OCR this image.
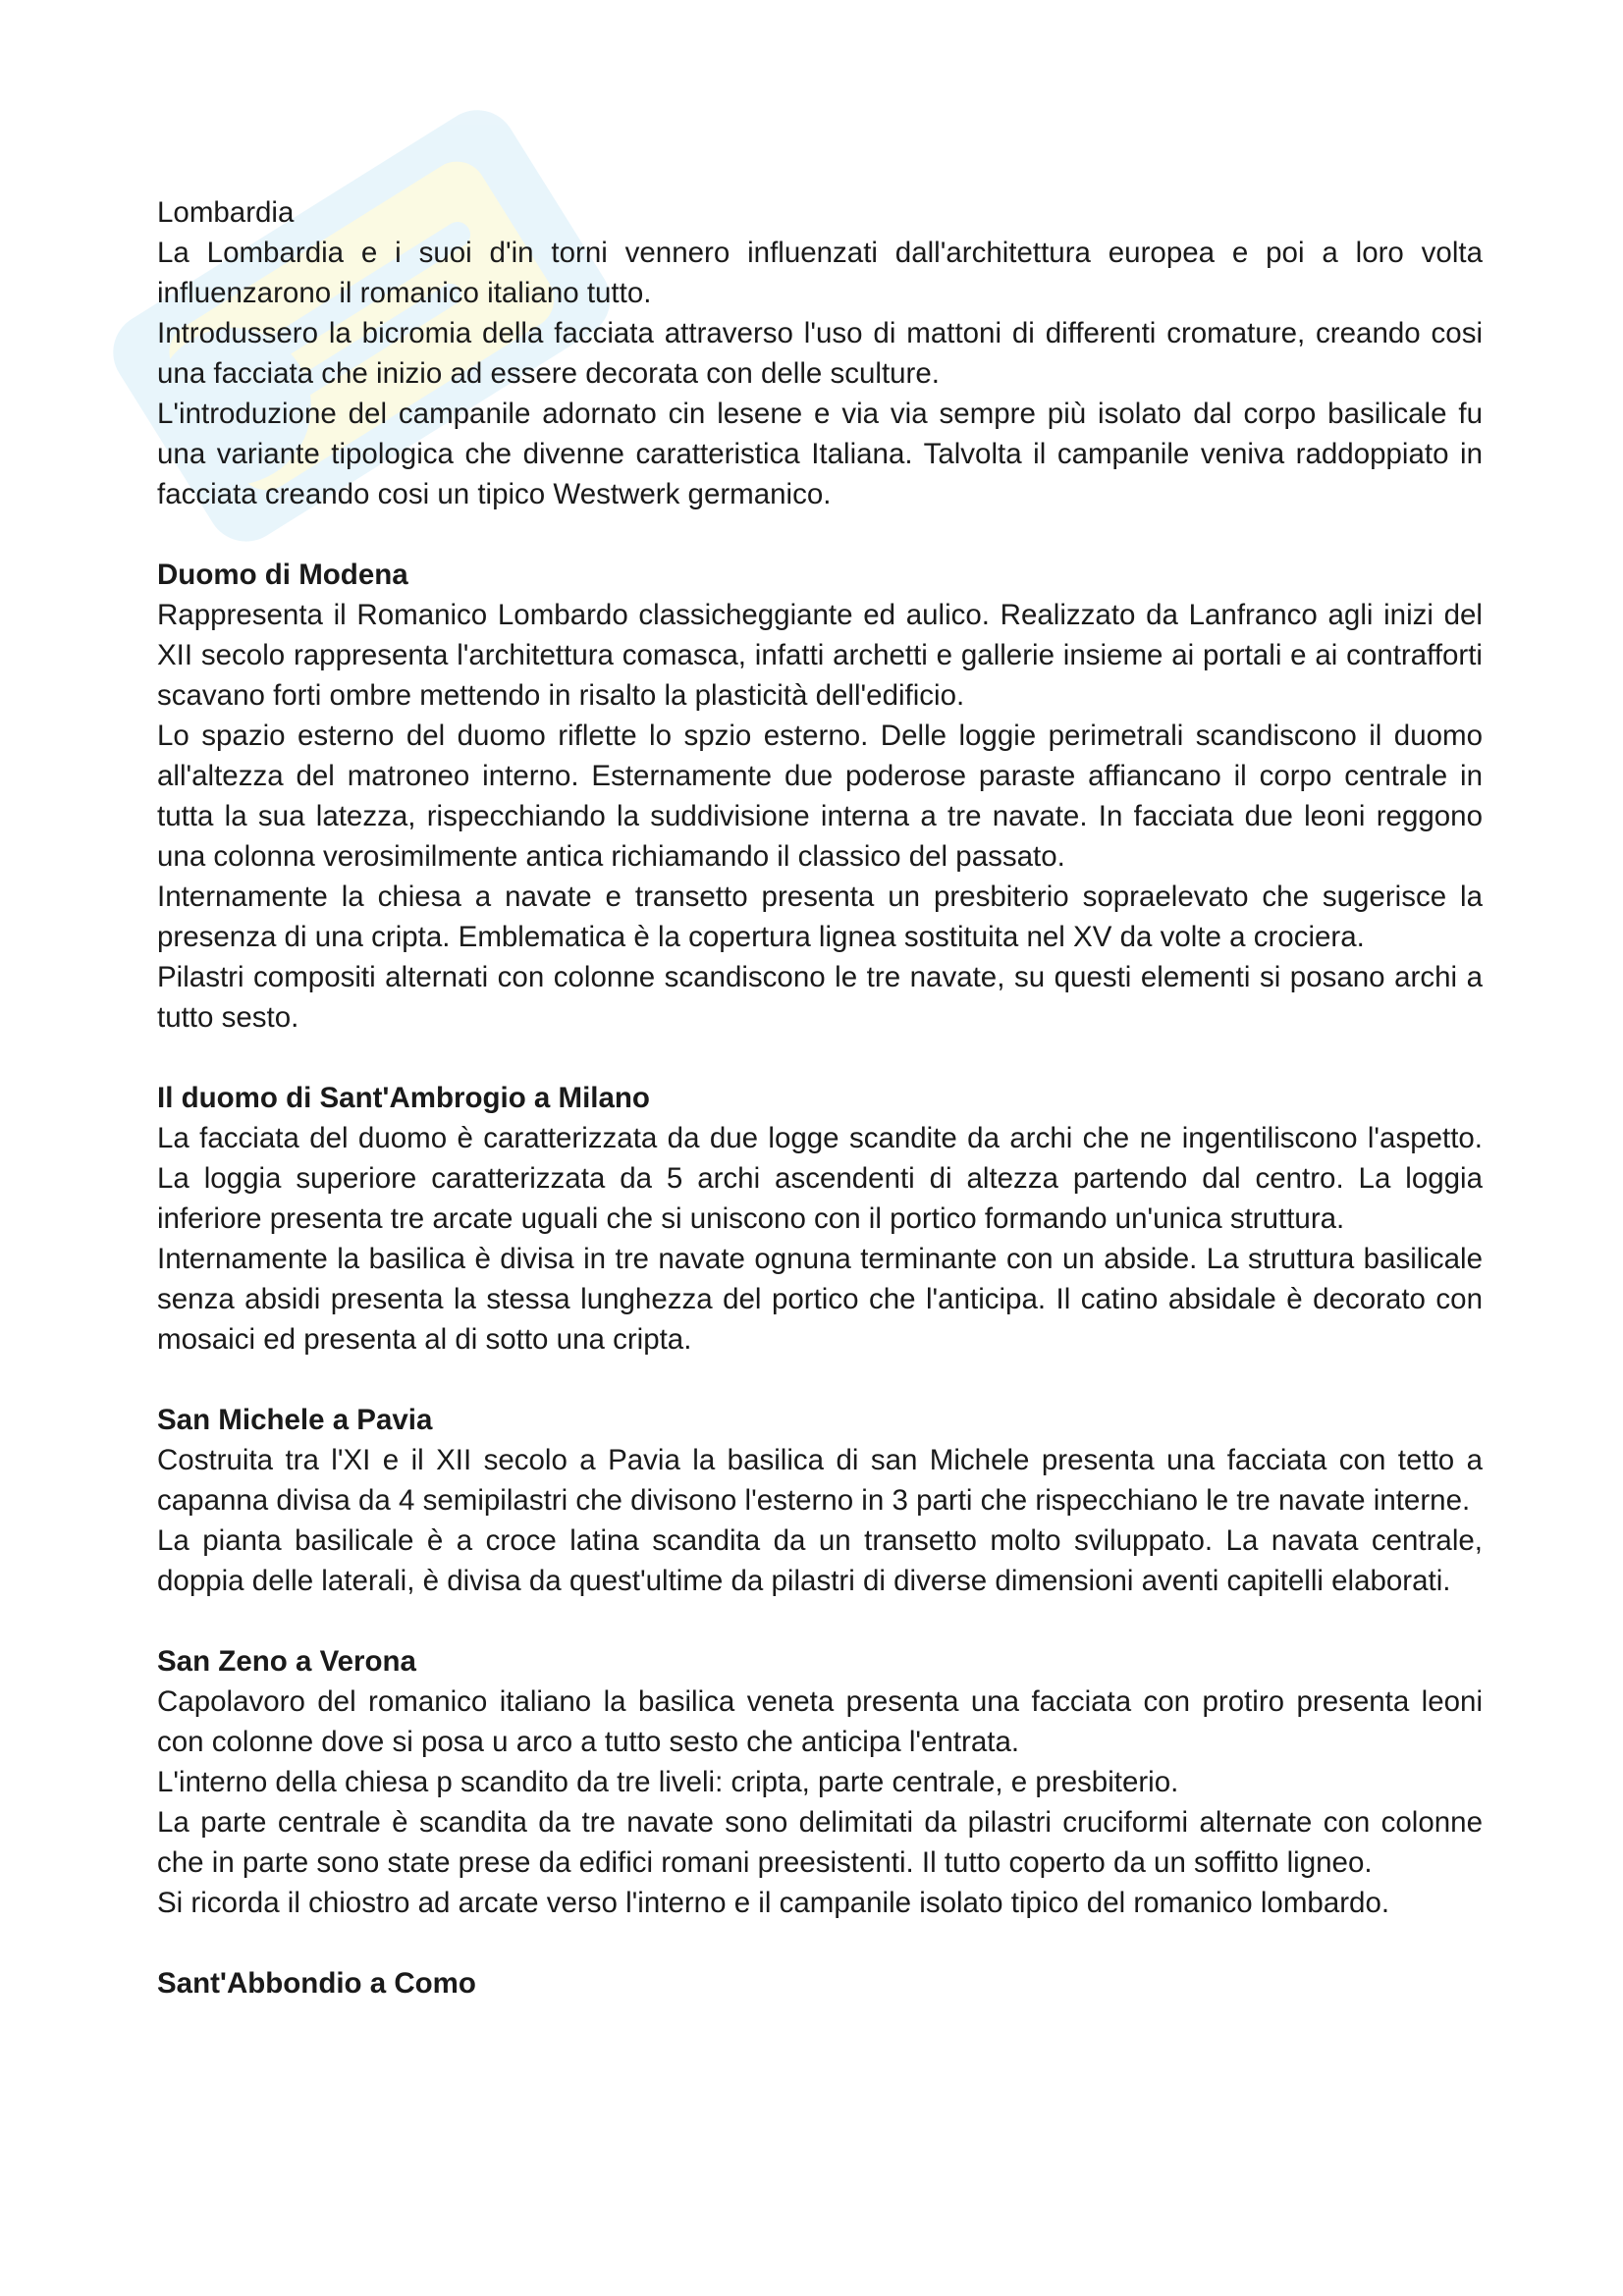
Lombardia

La Lombardia e i suoi d'in torni vennero influenzati dall'architettura europea e poi a loro volta influenzarono il romanico italiano tutto.

Introdussero la bicromia della facciata attraverso l'uso di mattoni di differenti cromature, creando cosi una facciata che inizio ad essere decorata con delle sculture.

L'introduzione del campanile adornato cin lesene e via via sempre più isolato dal corpo basilicale fu una variante tipologica che divenne caratteristica Italiana. Talvolta il campanile veniva raddoppiato in facciata creando cosi un tipico Westwerk germanico.

Duomo di Modena

Rappresenta il Romanico Lombardo classicheggiante ed aulico. Realizzato da Lanfranco agli inizi del XII secolo rappresenta l'architettura comasca, infatti archetti e gallerie insieme ai portali e ai contrafforti scavano forti ombre mettendo in risalto la plasticità dell'edificio.

Lo spazio esterno del duomo riflette lo spzio esterno. Delle loggie perimetrali scandiscono il duomo all'altezza del matroneo interno. Esternamente due poderose paraste affiancano il corpo centrale in tutta la sua latezza, rispecchiando la suddivisione interna a tre navate. In facciata due leoni reggono una colonna verosimilmente antica richiamando il classico del passato.

Internamente la chiesa a navate e transetto presenta un presbiterio sopraelevato che sugerisce la presenza di una cripta. Emblematica è la copertura lignea sostituita nel XV da volte a crociera.

Pilastri compositi alternati con colonne scandiscono le tre navate, su questi elementi si posano archi a tutto sesto.

Il duomo di Sant'Ambrogio a Milano

La facciata del duomo è caratterizzata da due logge scandite da archi che ne ingentiliscono l'aspetto. La loggia superiore caratterizzata da 5 archi ascendenti di altezza partendo dal centro. La loggia inferiore presenta tre arcate uguali che si uniscono con il portico formando un'unica struttura.

Internamente la basilica è divisa in tre navate ognuna terminante con un abside. La struttura basilicale senza absidi presenta la stessa lunghezza del portico che l'anticipa. Il catino absidale è decorato con mosaici ed presenta al di sotto una cripta.

San Michele a Pavia

Costruita tra l'XI e il XII secolo a Pavia la basilica di san Michele presenta una facciata con tetto a capanna divisa da 4 semipilastri che divisono l'esterno in 3 parti che rispecchiano le tre navate interne.

La pianta basilicale è a croce latina scandita da un transetto molto sviluppato. La navata centrale, doppia delle laterali, è divisa da quest'ultime da pilastri di diverse dimensioni aventi capitelli elaborati.

San Zeno a Verona

Capolavoro del romanico italiano la basilica veneta presenta una facciata con protiro presenta leoni con colonne dove si posa u arco a tutto sesto che anticipa l'entrata.

L'interno della chiesa p scandito da tre liveli: cripta, parte centrale, e presbiterio.

La parte centrale è scandita da tre navate sono delimitati da pilastri cruciformi alternate con colonne che in parte sono state prese da edifici romani preesistenti. Il tutto coperto da un soffitto ligneo.

Si ricorda il chiostro ad arcate verso l'interno e il campanile isolato tipico del romanico lombardo.

Sant'Abbondio a Como
